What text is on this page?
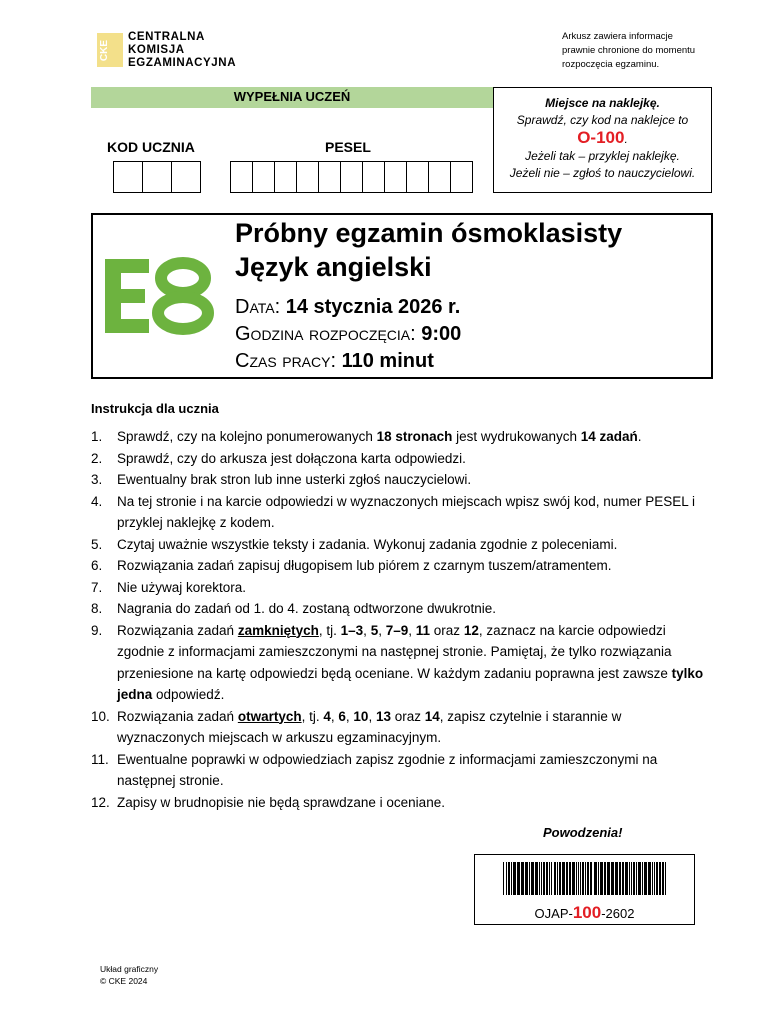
CKE
CENTRALNA
KOMISJA
EGZAMINACYJNA
Arkusz zawiera informacje
prawnie chronione do momentu
rozpoczęcia egzaminu.
WYPEŁNIA UCZEŃ
KOD UCZNIA	PESEL
Miejsce na naklejkę.
Sprawdź, czy kod na naklejce to
O-100.
Jeżeli tak – przyklej naklejkę.
Jeżeli nie – zgłoś to nauczycielowi.
Próbny egzamin ósmoklasisty
Język angielski
Data: 14 stycznia 2026 r.
Godzina rozpoczęcia: 9:00
Czas pracy: 110 minut
Instrukcja dla ucznia
1.	Sprawdź, czy na kolejno ponumerowanych 18 stronach jest wydrukowanych 14 zadań.
2.	Sprawdź, czy do arkusza jest dołączona karta odpowiedzi.
3.	Ewentualny brak stron lub inne usterki zgłoś nauczycielowi.
4.	Na tej stronie i na karcie odpowiedzi w wyznaczonych miejscach wpisz swój kod, numer PESEL i przyklej naklejkę z kodem.
5.	Czytaj uważnie wszystkie teksty i zadania. Wykonuj zadania zgodnie z poleceniami.
6.	Rozwiązania zadań zapisuj długopisem lub piórem z czarnym tuszem/atramentem.
7.	Nie używaj korektora.
8.	Nagrania do zadań od 1. do 4. zostaną odtworzone dwukrotnie.
9.	Rozwiązania zadań zamkniętych, tj. 1–3, 5, 7–9, 11 oraz 12, zaznacz na karcie odpowiedzi zgodnie z informacjami zamieszczonymi na następnej stronie. Pamiętaj, że tylko rozwiązania przeniesione na kartę odpowiedzi będą oceniane. W każdym zadaniu poprawna jest zawsze tylko jedna odpowiedź.
10. Rozwiązania zadań otwartych, tj. 4, 6, 10, 13 oraz 14, zapisz czytelnie i starannie w wyznaczonych miejscach w arkuszu egzaminacyjnym.
11. Ewentualne poprawki w odpowiedziach zapisz zgodnie z informacjami zamieszczonymi na następnej stronie.
12. Zapisy w brudnopisie nie będą sprawdzane i oceniane.
Powodzenia!
OJAP-100-2602
Układ graficzny
© CKE 2024
